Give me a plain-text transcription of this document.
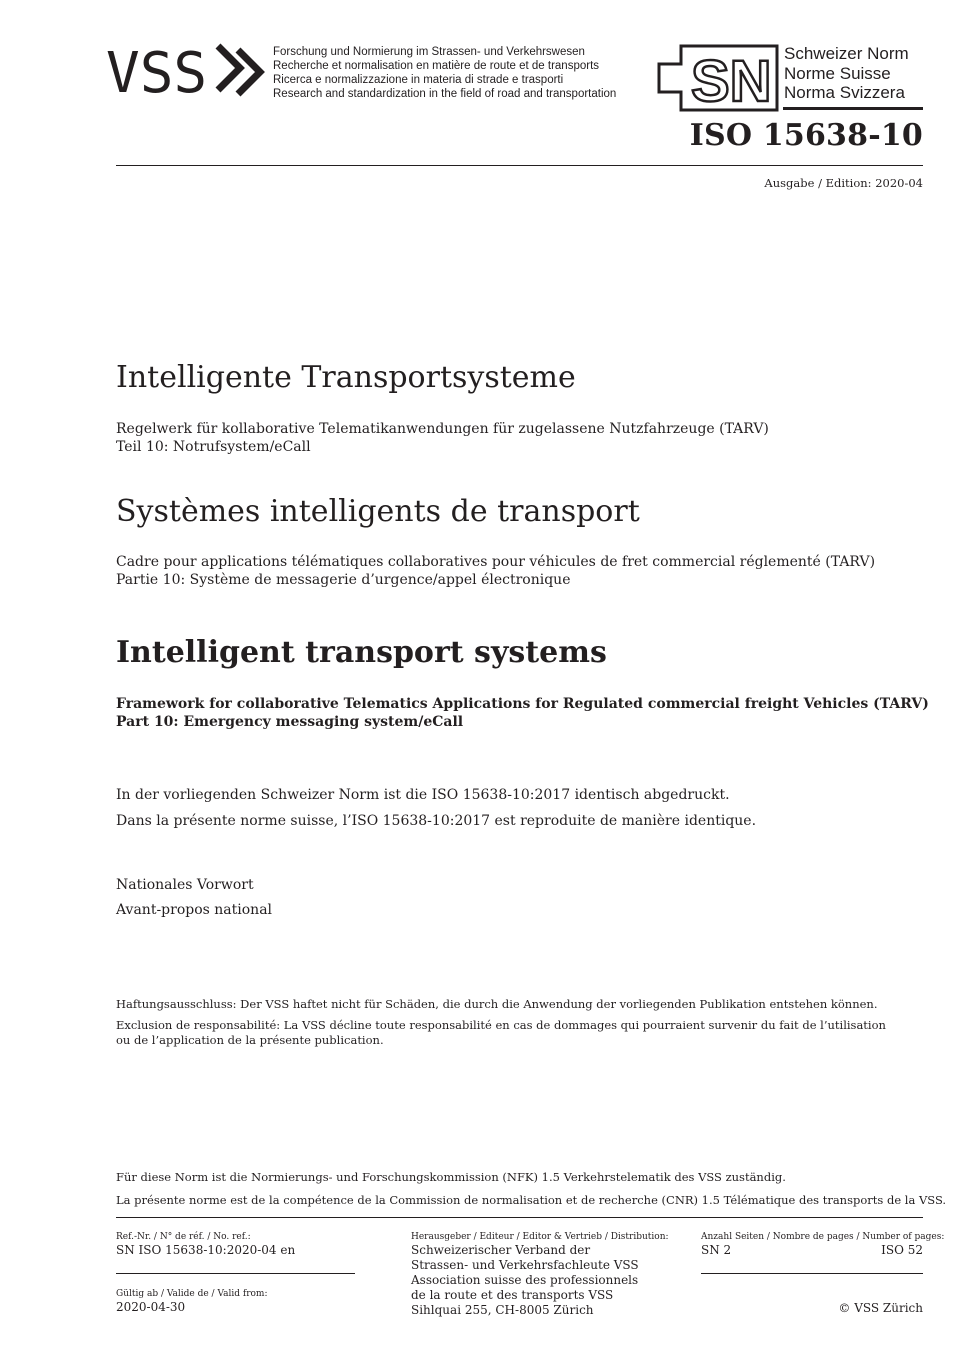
VSS	Forschung und Normierung im Strassen- und Verkehrswesen
Recherche et normalisation en matière de route et de transports
Ricerca e normalizzazione in materia di strade e trasporti
Research and standardization in the field of road and transportation SN Schweizer Norm
Norme Suisse
Norma Svizzera
ISO 15638-10
Ausgabe / Edition: 2020-04
Intelligente Transportsysteme
Regelwerk für kollaborative Telematikanwendungen für zugelassene Nutzfahrzeuge (TARV)
Teil 10: Notrufsystem/eCall
Systèmes intelligents de transport
Cadre pour applications télématiques collaboratives pour véhicules de fret commercial réglementé (TARV)
Partie 10: Système de messagerie d’urgence/appel électronique
Intelligent transport systems
Framework for collaborative Telematics Applications for Regulated commercial freight Vehicles (TARV)
Part 10: Emergency messaging system/eCall
In der vorliegenden Schweizer Norm ist die ISO 15638-10:2017 identisch abgedruckt.
Dans la présente norme suisse, l’ISO 15638-10:2017 est reproduite de manière identique.
Nationales Vorwort
Avant-propos national
Haftungsausschluss: Der VSS haftet nicht für Schäden, die durch die Anwendung der vorliegenden Publikation entstehen können.
Exclusion de responsabilité: La VSS décline toute responsabilité en cas de dommages qui pourraient survenir du fait de l’utilisation
ou de l’application de la présente publication.
Für diese Norm ist die Normierungs- und Forschungskommission (NFK) 1.5 Verkehrstelematik des VSS zuständig.
La présente norme est de la compétence de la Commission de normalisation et de recherche (CNR) 1.5 Télématique des transports de la VSS.
Ref.-Nr. / N° de réf. / No. ref.:
SN ISO 15638-10:2020-04 en
Gültig ab / Valide de / Valid from:
2020-04-30
Herausgeber / Editeur / Editor & Vertrieb / Distribution:
Schweizerischer Verband der
Strassen- und Verkehrsfachleute VSS
Association suisse des professionnels
de la route et des transports VSS
Sihlquai 255, CH-8005 Zürich
Anzahl Seiten / Nombre de pages / Number of pages:
SN 2	ISO 52
© VSS Zürich
